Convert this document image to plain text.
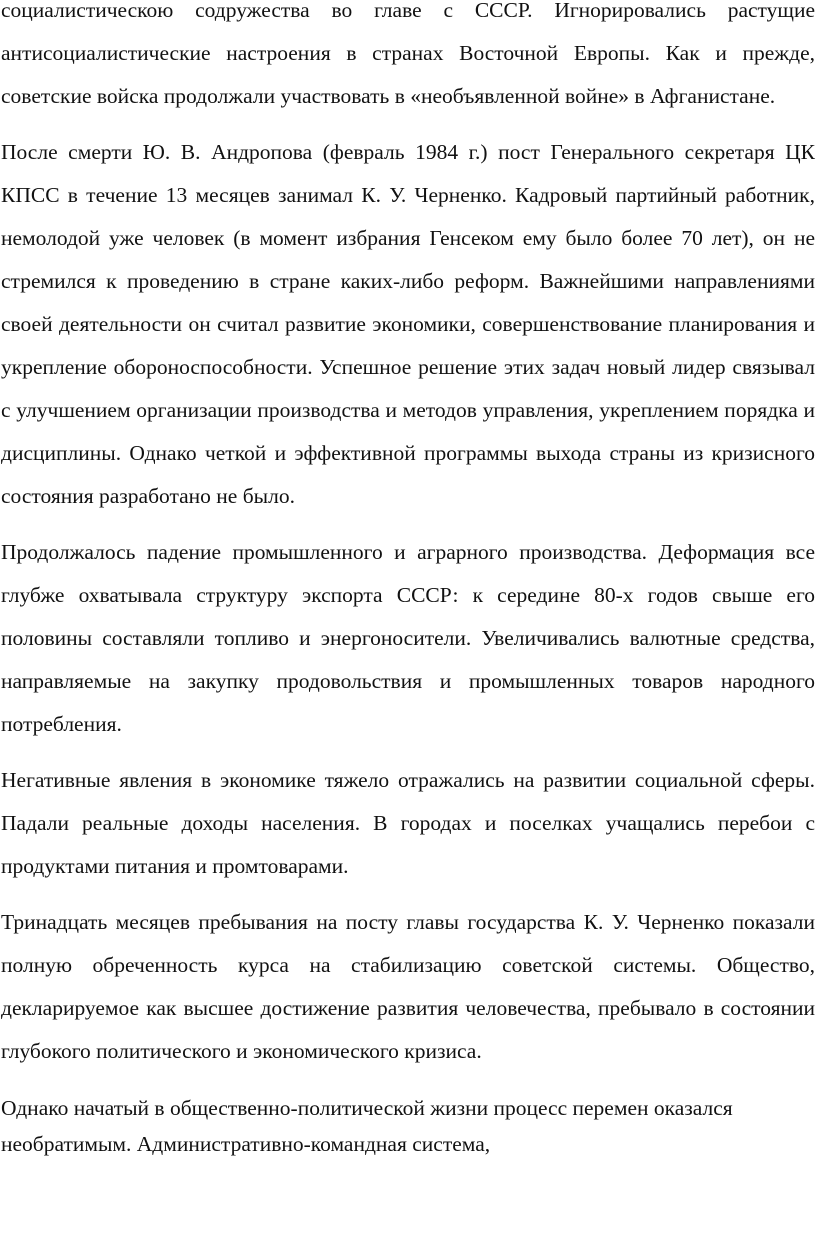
социалистическою содружества во главе с СССР. Игнорировались растущие антисоциалистические настроения в странах Восточной Европы. Как и прежде, советские войска продолжали участвовать в «необъявленной войне» в Афганистане.

После смерти Ю. В. Андропова (февраль 1984 г.) пост Генерального секретаря ЦК КПСС в течение 13 месяцев занимал К. У. Черненко. Кадровый партийный работник, немолодой уже человек (в момент избрания Генсеком ему было более 70 лет), он не стремился к проведению в стране каких-либо реформ. Важнейшими направлениями своей деятельности он считал развитие экономики, совершенствование планирования и укрепление обороноспособности. Успешное решение этих задач новый лидер связывал с улучшением организации производства и методов управления, укреплением порядка и дисциплины. Однако четкой и эффективной программы выхода страны из кризисного состояния разработано не было.

Продолжалось падение промышленного и аграрного производства. Деформация все глубже охватывала структуру экспорта СССР: к середине 80-х годов свыше его половины составляли топливо и энергоносители. Увеличивались валютные средства, направляемые на закупку продовольствия и промышленных товаров народного потребления.

Негативные явления в экономике тяжело отражались на развитии социальной сферы. Падали реальные доходы населения. В городах и поселках учащались перебои с продуктами питания и промтоварами.

Тринадцать месяцев пребывания на посту главы государства К. У. Черненко показали полную обреченность курса на стабилизацию советской системы. Общество, декларируемое как высшее достижение развития человечества, пребывало в состоянии глубокого политического и экономического кризиса.

Однако начатый в общественно-политической жизни процесс перемен оказался необратимым. Административно-командная система,
